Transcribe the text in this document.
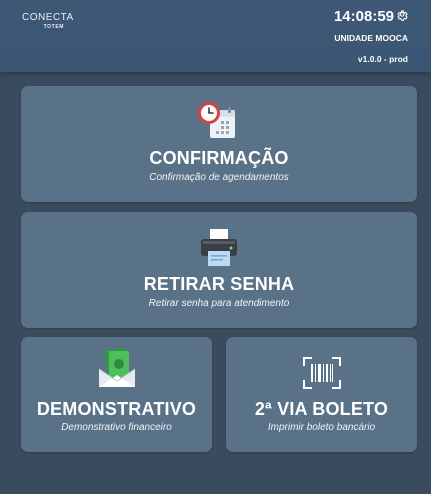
CONECTA
TOTEM
14:08:59
UNIDADE MOOCA
v1.0.0 - prod
CONFIRMAÇÃO
Confirmação de agendamentos
RETIRAR SENHA
Retirar senha para atendimento
DEMONSTRATIVO
Demonstrativo financeiro
2ª VIA BOLETO
Imprimir boleto bancário
